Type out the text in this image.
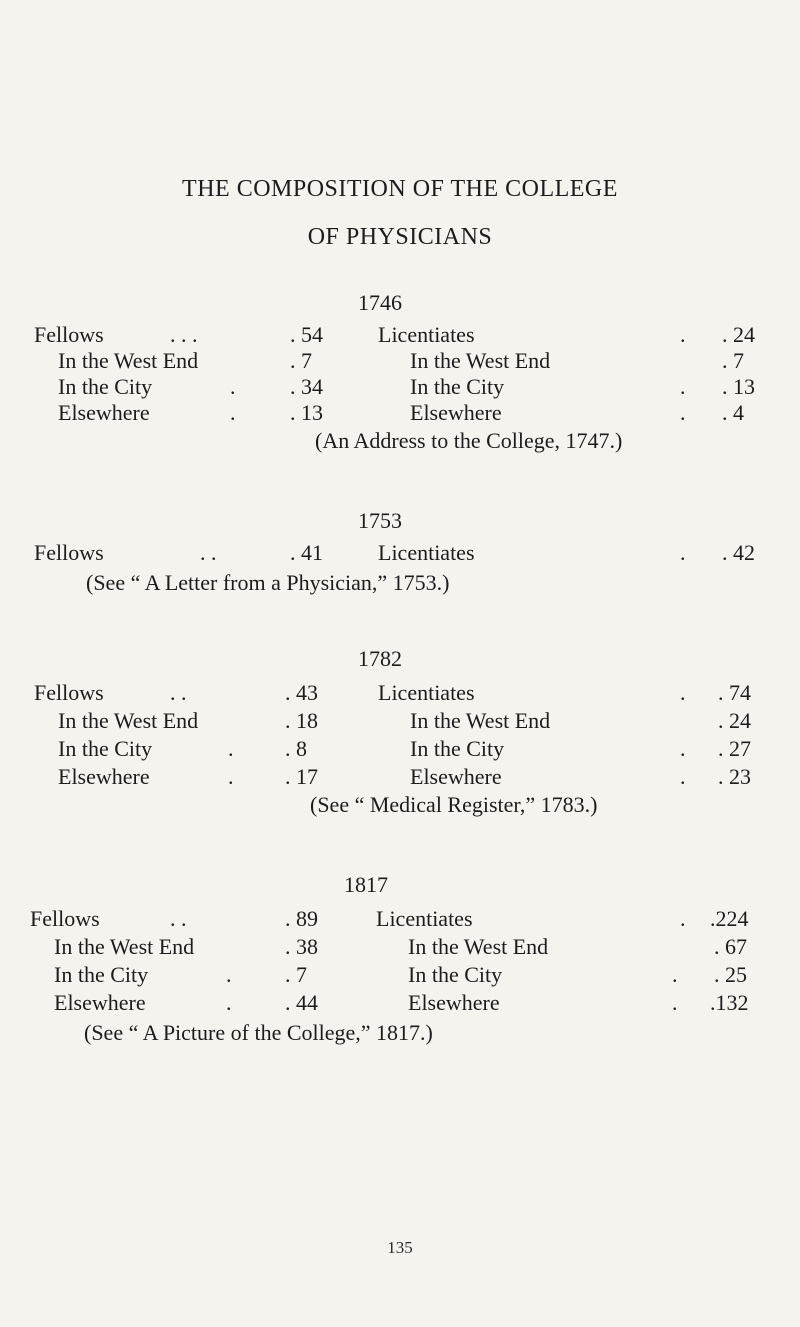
THE COMPOSITION OF THE COLLEGE
OF PHYSICIANS
1746
Fellows	. . .	. 54	Licentiates	. . 24
In the West End	. 7	In the West End	. 7
In the City	. . 34	In the City	. . 13
Elsewhere	. . 13	Elsewhere	. . 4
(An Address to the College, 1747.)
1753
Fellows	. .	. 41	Licentiates	. . 42
(See “ A Letter from a Physician,” 1753.)
1782
Fellows	. .	. 43	Licentiates	. . 74
In the West End	. 18	In the West End	. 24
In the City	. . 8	In the City	. . 27
Elsewhere	. . 17	Elsewhere	. . 23
(See “ Medical Register,” 1783.)
1817
Fellows	. .	. 89	Licentiates	. .224
In the West End	. 38	In the West End	. 67
In the City	. . 7	In the City	. . 25
Elsewhere	. . 44	Elsewhere	. .132
(See “ A Picture of the College,” 1817.)
135
